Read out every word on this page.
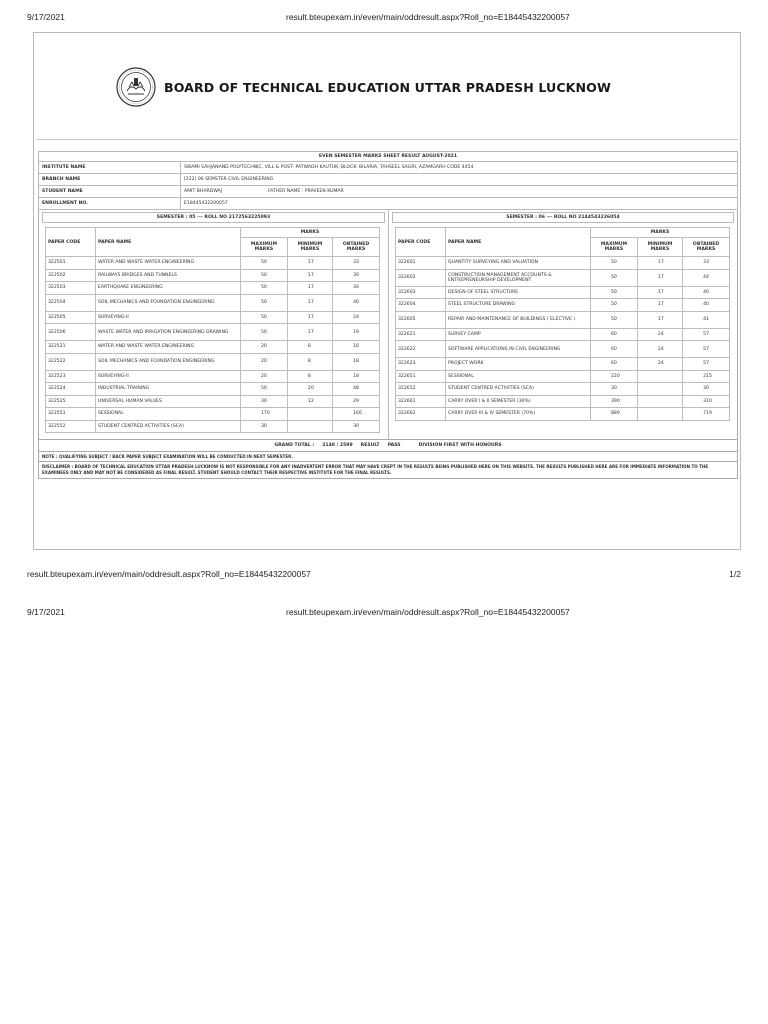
9/17/2021	result.bteupexam.in/even/main/oddresult.aspx?Roll_no=E18445432200057
BOARD OF TECHNICAL EDUCATION UTTAR PRADESH LUCKNOW
EVEN SEMESTER MARKS SHEET RESULT AUGUST-2021	
INSTITUTE NAME	SWAMI SAHJANAND POLYTECHNIC, VILL & POST- PATWADH KAUTUK, BLOCK- BILARIA, TAHSEEL SAGRI, AZAMGARH CODE 4454
BRANCH NAME	[222] 06 SEMSTER CIVIL ENGINEERING
STUDENT NAME	AMIT BHARDWAJ FATHER NAME : PRAVEEN KUMAR
ENROLLMENT NO.	E18445432200057
SEMESTER : 05 --- ROLL NO 2172563225093
PAPER CODE	PAPER NAME	MARKS		
		MAXIMUM MARKS	MINIMUM MARKS	OBTAINED MARKS
322501	WATER AND WASTE WATER ENGINEERING	50	17	33
322502	RAILWAYS BRIDGES AND TUNNELS	50	17	30
322503	EARTHQUAKE ENGINEERING	50	17	34
322504	SOIL MECHANICS AND FOUNDATION ENGINEERING	50	17	40
322505	SURVEYING-II	50	17	24
322506	WASTE WATER AND IRRIGATION ENGINEERING DRAWING	50	17	19
322521	WATER AND WASTE WATER ENGINEERING	20	8	16
322522	SOIL MECHANICS AND FOUNDATION ENGINEERING	20	8	18
322523	SURVEYING-II	20	8	18
322524	INDUSTRIAL TRAINING	50	20	48
322525	UNIVERSAL HUMAN VALUES	30	12	29
322551	SESSIONAL	170		166
322552	STUDENT CENTRED ACTIVITIES (SCA)	30		30
SEMESTER : 06 --- ROLL NO 2144543226054
PAPER CODE	PAPER NAME	MARKS		
		MAXIMUM MARKS	MINIMUM MARKS	OBTAINED MARKS
322601	QUANTITY SURVEYING AND VALUATION	50	17	33
322602	CONSTRUCTION MANAGEMENT ACCOUNTS & ENTREPRENEURSHIP DEVELOPMENT	50	17	44
322603	DESIGN OF STEEL STRUCTURE	50	17	40
322604	STEEL STRUCTURE DRAWING	50	17	40
322605	REPAIR AND MAINTENANCE OF BUILDINGS ( ELECTIVE )	50	17	41
322621	SURVEY CAMP	60	24	57
322622	SOFTWARE APPLICATIONS IN CIVIL ENGINEERING	60	24	57
322623	PROJECT WORK	60	24	57
322651	SESSIONAL	220		215
322652	STUDENT CENTRED ACTIVITIES (SCA)	30		30
322661	CARRY OVER I & II SEMESTER (30%)	390		310
322662	CARRY OVER III & IV SEMESTER (70%)	889		719
GRAND TOTAL : 2148 / 2599 RESULT PASS	DIVISION FIRST WITH HONOURS
NOTE : QUALIFYING SUBJECT / BACK PAPER SUBJECT EXAMINATION WILL BE CONDUCTED IN NEXT SEMESTER.
DISCLAIMER : BOARD OF TECHNICAL EDUCATION UTTAR PRADESH LUCKNOW IS NOT RESPONSIBLE FOR ANY INADVERTENT ERROR THAT MAY HAVE CREPT IN THE RESULTS BEING PUBLISHED HERE ON THIS WEBSITE. THE RESULTS PUBLISHED HERE ARE FOR IMMEDIATE INFORMATION TO THE EXAMINEES ONLY AND MAY NOT BE CONSIDERED AS FINAL RESULT. STUDENT SHOULD CONTACT THEIR RESPECTIVE INSTITUTE FOR THE FINAL RESULTS.
result.bteupexam.in/even/main/oddresult.aspx?Roll_no=E18445432200057	1/2
9/17/2021	result.bteupexam.in/even/main/oddresult.aspx?Roll_no=E18445432200057
